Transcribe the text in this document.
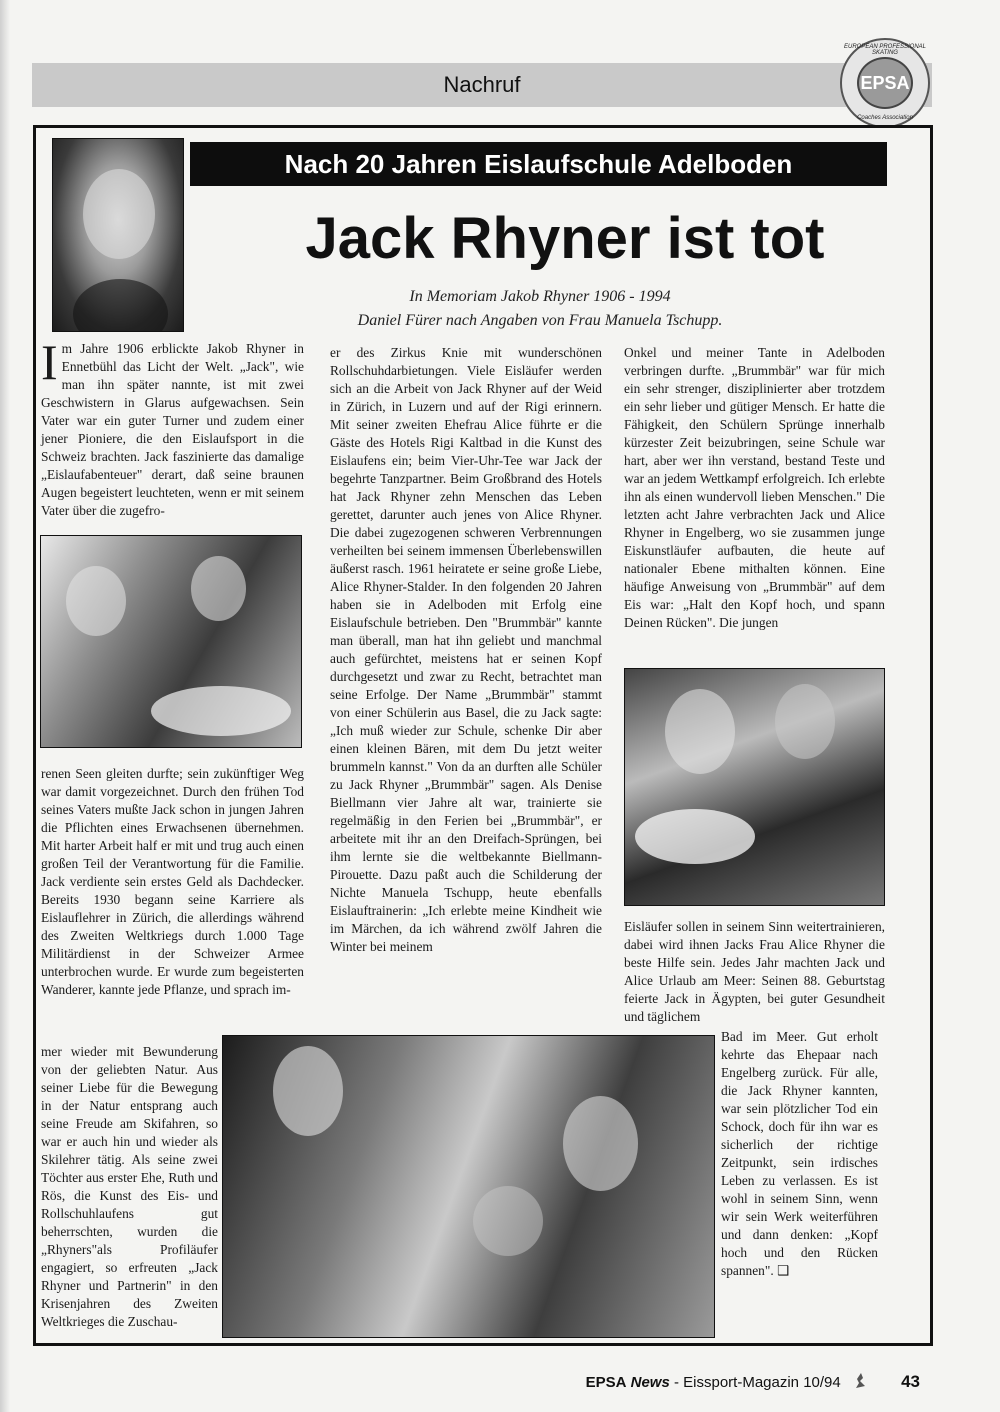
Nachruf
EUROPEAN PROFESSIONAL SKATING
EPSA
Coaches Association
Nach 20 Jahren Eislaufschule Adelboden
Jack Rhyner ist tot
In Memoriam Jakob Rhyner 1906 - 1994
Daniel Fürer nach Angaben von Frau Manuela Tschupp.
I m Jahre 1906 erblickte Jakob Rhyner in Ennetbühl das Licht der Welt. „Jack", wie man ihn später nannte, ist mit zwei Geschwistern in Glarus aufgewachsen. Sein Vater war ein guter Turner und zudem einer jener Pioniere, die den Eislaufsport in die Schweiz brachten. Jack faszinierte das damalige „Eislaufabenteuer" derart, daß seine braunen Augen begeistert leuchteten, wenn er mit seinem Vater über die zugefro-

renen Seen gleiten durfte; sein zukünftiger Weg war damit vorgezeichnet. Durch den frühen Tod seines Vaters mußte Jack schon in jungen Jahren die Pflichten eines Erwachsenen übernehmen. Mit harter Arbeit half er mit und trug auch einen großen Teil der Verantwortung für die Familie. Jack verdiente sein erstes Geld als Dachdecker. Bereits 1930 begann seine Karriere als Eislauflehrer in Zürich, die allerdings während des Zweiten Weltkriegs durch 1.000 Tage Militärdienst in der Schweizer Armee unterbrochen wurde. Er wurde zum begeisterten Wanderer, kannte jede Pflanze, und sprach im-

mer wieder mit Bewunderung von der geliebten Natur. Aus seiner Liebe für die Bewegung in der Natur entsprang auch seine Freude am Skifahren, so war er auch hin und wieder als Skilehrer tätig. Als seine zwei Töchter aus erster Ehe, Ruth und Rös, die Kunst des Eis- und Rollschuhlaufens gut beherrschten, wurden die „Rhyners"als Profiläufer engagiert, so erfreuten „Jack Rhyner und Partnerin" in den Krisenjahren des Zweiten Weltkrieges die Zuschau-

er des Zirkus Knie mit wunderschönen Rollschuhdarbietungen. Viele Eisläufer werden sich an die Arbeit von Jack Rhyner auf der Weid in Zürich, in Luzern und auf der Rigi erinnern. Mit seiner zweiten Ehefrau Alice führte er die Gäste des Hotels Rigi Kaltbad in die Kunst des Eislaufens ein; beim Vier-Uhr-Tee war Jack der begehrte Tanzpartner. Beim Großbrand des Hotels hat Jack Rhyner zehn Menschen das Leben gerettet, darunter auch jenes von Alice Rhyner. Die dabei zugezogenen schweren Verbrennungen verheilten bei seinem immensen Überlebenswillen äußerst rasch. 1961 heiratete er seine große Liebe, Alice Rhyner-Stalder. In den folgenden 20 Jahren haben sie in Adelboden mit Erfolg eine Eislaufschule betrieben. Den "Brummbär" kannte man überall, man hat ihn geliebt und manchmal auch gefürchtet, meistens hat er seinen Kopf durchgesetzt und zwar zu Recht, betrachtet man seine Erfolge. Der Name „Brummbär" stammt von einer Schülerin aus Basel, die zu Jack sagte: „Ich muß wieder zur Schule, schenke Dir aber einen kleinen Bären, mit dem Du jetzt weiter brummeln kannst." Von da an durften alle Schüler zu Jack Rhyner „Brummbär" sagen. Als Denise Biellmann vier Jahre alt war, trainierte sie regelmäßig in den Ferien bei „Brummbär", er arbeitete mit ihr an den Dreifach-Sprüngen, bei ihm lernte sie die weltbekannte Biellmann-Pirouette. Dazu paßt auch die Schilderung der Nichte Manuela Tschupp, heute ebenfalls Eislauftrainerin: „Ich erlebte meine Kindheit wie im Märchen, da ich während zwölf Jahren die Winter bei meinem

Onkel und meiner Tante in Adelboden verbringen durfte. „Brummbär" war für mich ein sehr strenger, disziplinierter aber trotzdem ein sehr lieber und gütiger Mensch. Er hatte die Fähigkeit, den Schülern Sprünge innerhalb kürzester Zeit beizubringen, seine Schule war hart, aber wer ihn verstand, bestand Teste und war an jedem Wettkampf erfolgreich. Ich erlebte ihn als einen wundervoll lieben Menschen." Die letzten acht Jahre verbrachten Jack und Alice Rhyner in Engelberg, wo sie zusammen junge Eiskunstläufer aufbauten, die heute auf nationaler Ebene mithalten können. Eine häufige Anweisung von „Brummbär" auf dem Eis war: „Halt den Kopf hoch, und spann Deinen Rücken". Die jungen

Eisläufer sollen in seinem Sinn weitertrainieren, dabei wird ihnen Jacks Frau Alice Rhyner die beste Hilfe sein. Jedes Jahr machten Jack und Alice Urlaub am Meer: Seinen 88. Geburtstag feierte Jack in Ägypten, bei guter Gesundheit und täglichem

Bad im Meer. Gut erholt kehrte das Ehepaar nach Engelberg zurück. Für alle, die Jack Rhyner kannten, war sein plötzlicher Tod ein Schock, doch für ihn war es sicherlich der richtige Zeitpunkt, sein irdisches Leben zu verlassen. Es ist wohl in seinem Sinn, wenn wir sein Werk weiterführen und dann denken: „Kopf hoch und den Rücken spannen". ❑

EPSA News - Eissport-Magazin 10/94	43
